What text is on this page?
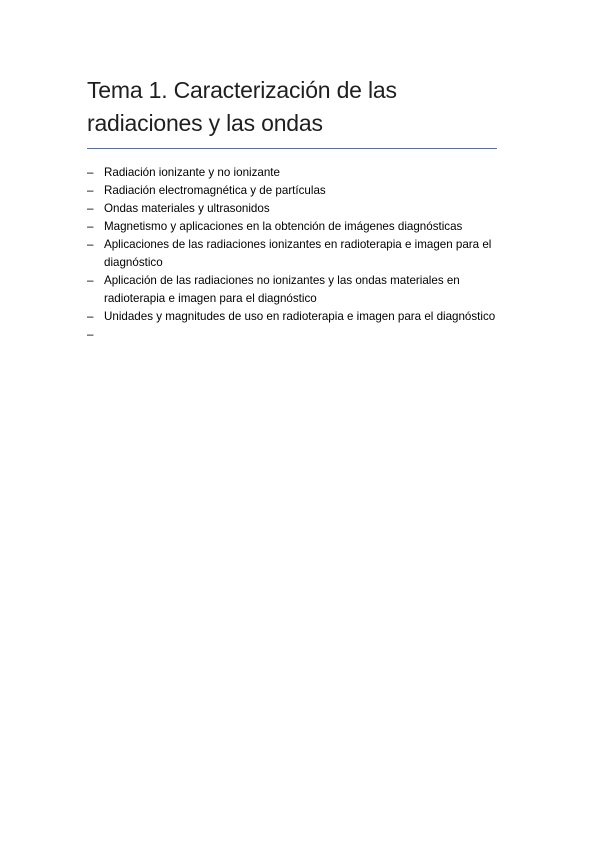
Tema 1. Caracterización de las radiaciones y las ondas
– Radiación ionizante y no ionizante
– Radiación electromagnética y de partículas
– Ondas materiales y ultrasonidos
– Magnetismo y aplicaciones en la obtención de imágenes diagnósticas
– Aplicaciones de las radiaciones ionizantes en radioterapia e imagen para el diagnóstico
– Aplicación de las radiaciones no ionizantes y las ondas materiales en radioterapia e imagen para el diagnóstico
– Unidades y magnitudes de uso en radioterapia e imagen para el diagnóstico
–
